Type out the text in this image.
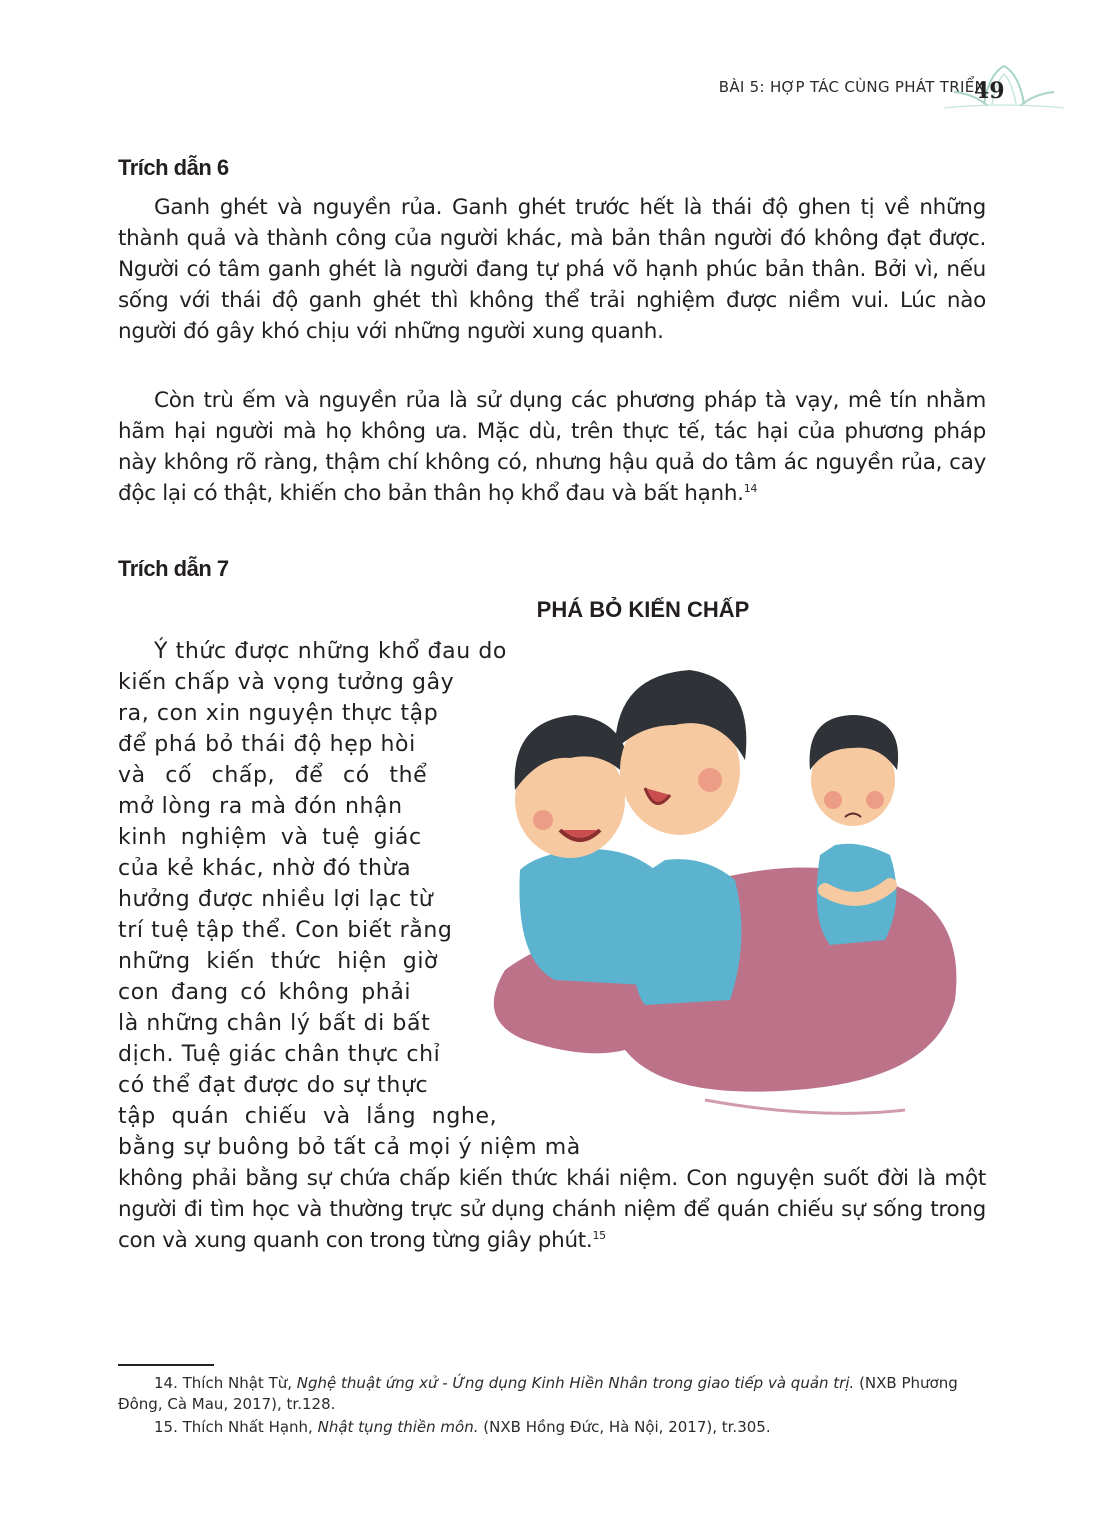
BÀI 5: HỢP TÁC CÙNG PHÁT TRIỂN
49
Trích dẫn 6
Ganh ghét và nguyền rủa. Ganh ghét trước hết là thái độ ghen tị về những thành quả và thành công của người khác, mà bản thân người đó không đạt được. Người có tâm ganh ghét là người đang tự phá võ hạnh phúc bản thân. Bởi vì, nếu sống với thái độ ganh ghét thì không thể trải nghiệm được niềm vui. Lúc nào người đó gây khó chịu với những người xung quanh.
Còn trù ếm và nguyền rủa là sử dụng các phương pháp tà vạy, mê tín nhằm hãm hại người mà họ không ưa. Mặc dù, trên thực tế, tác hại của phương pháp này không rõ ràng, thậm chí không có, nhưng hậu quả do tâm ác nguyền rủa, cay độc lại có thật, khiến cho bản thân họ khổ đau và bất hạnh.$^{14}$
Trích dẫn 7
PHÁ BỎ KIẾN CHẤP
Ý thức được những khổ đau do
kiến chấp và vọng tưởng gây
ra, con xin nguyện thực tập
để phá bỏ thái độ hẹp hòi
và cố chấp, để có thể
mở lòng ra mà đón nhận
kinh nghiệm và tuệ giác
của kẻ khác, nhờ đó thừa
hưởng được nhiều lợi lạc từ
trí tuệ tập thể. Con biết rằng
những kiến thức hiện giờ
con đang có không phải
là những chân lý bất di bất
dịch. Tuệ giác chân thực chỉ
có thể đạt được do sự thực
tập quán chiếu và lắng nghe,
bằng sự buông bỏ tất cả mọi ý niệm mà
không phải bằng sự chứa chấp kiến thức khái niệm. Con nguyện suốt đời là một người đi tìm học và thường trực sử dụng chánh niệm để quán chiếu sự sống trong con và xung quanh con trong từng giây phút.$^{15}$
14. Thích Nhật Từ, Nghệ thuật ứng xử - Ứng dụng Kinh Hiền Nhân trong giao tiếp và quản trị. (NXB Phương Đông, Cà Mau, 2017), tr.128.
15. Thích Nhất Hạnh, Nhật tụng thiền môn. (NXB Hồng Đức, Hà Nội, 2017), tr.305.
